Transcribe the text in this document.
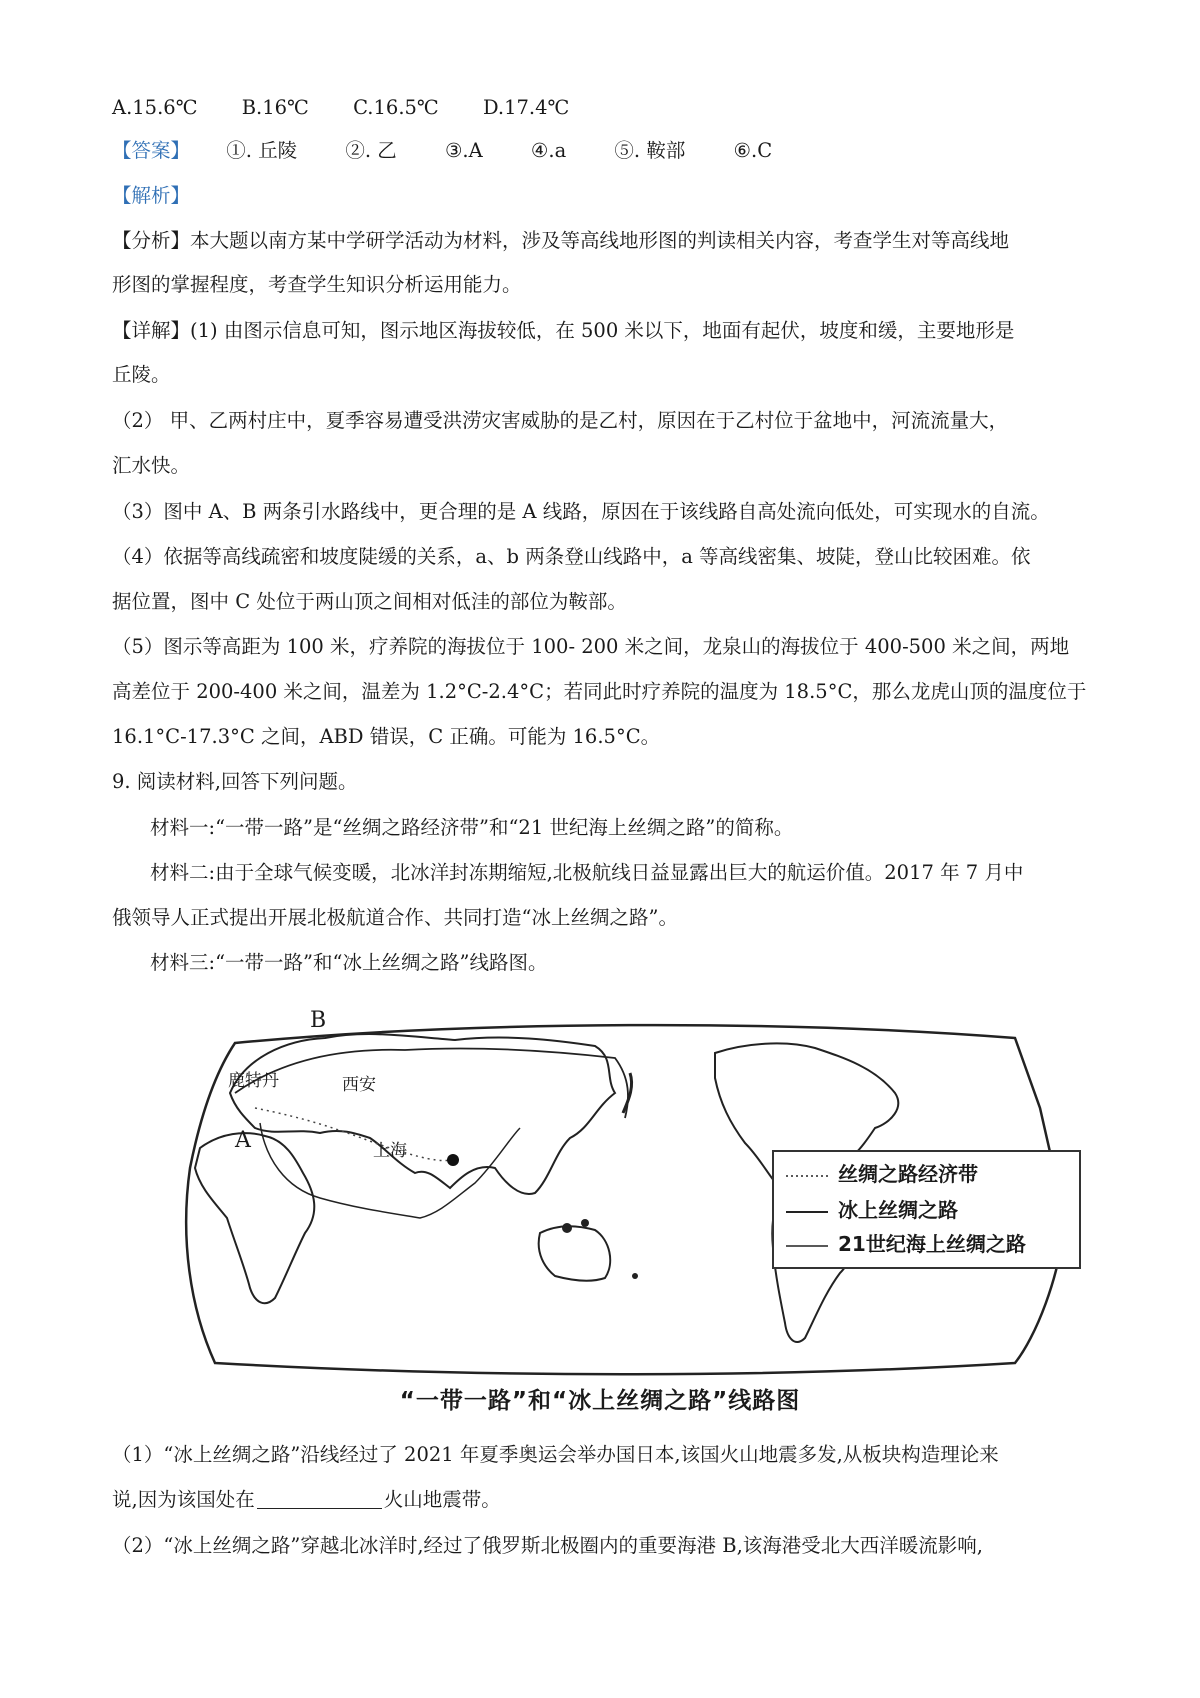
A.15.6℃ B.16℃ C.16.5℃ D.17.4℃
【答案】 ①. 丘陵 ②. 乙 ③.A ④.a ⑤. 鞍部 ⑥.C
【解析】
【分析】本大题以南方某中学研学活动为材料，涉及等高线地形图的判读相关内容，考查学生对等高线地
形图的掌握程度，考查学生知识分析运用能力。
【详解】(1) 由图示信息可知，图示地区海拔较低，在 500 米以下，地面有起伏，坡度和缓，主要地形是
丘陵。
（2） 甲、乙两村庄中，夏季容易遭受洪涝灾害威胁的是乙村，原因在于乙村位于盆地中，河流流量大，
汇水快。
（3）图中 A、B 两条引水路线中，更合理的是 A 线路，原因在于该线路自高处流向低处，可实现水的自流。
（4）依据等高线疏密和坡度陡缓的关系，a、b 两条登山线路中，a 等高线密集、坡陡，登山比较困难。依
据位置，图中 C 处位于两山顶之间相对低洼的部位为鞍部。
（5）图示等高距为 100 米，疗养院的海拔位于 100- 200 米之间，龙泉山的海拔位于 400-500 米之间，两地
高差位于 200-400 米之间，温差为 1.2°C-2.4°C；若同此时疗养院的温度为 18.5°C，那么龙虎山顶的温度位于
16.1°C-17.3°C 之间，ABD 错误，C 正确。可能为 16.5°C。
9. 阅读材料,回答下列问题。
材料一:“一带一路”是“丝绸之路经济带”和“21 世纪海上丝绸之路”的简称。
材料二:由于全球气候变暖，北冰洋封冻期缩短,北极航线日益显露出巨大的航运价值。2017 年 7 月中
俄领导人正式提出开展北极航道合作、共同打造“冰上丝绸之路”。
材料三:“一带一路”和“冰上丝绸之路”线路图。
B
鹿特丹	西安
A	上海
丝绸之路经济带
冰上丝绸之路
21世纪海上丝绸之路
“一带一路”和“冰上丝绸之路”线路图
（1）“冰上丝绸之路”沿线经过了 2021 年夏季奥运会举办国日本,该国火山地震多发,从板块构造理论来
说,因为该国处在	火山地震带。
（2）“冰上丝绸之路”穿越北冰洋时,经过了俄罗斯北极圈内的重要海港 B,该海港受北大西洋暖流影响,
